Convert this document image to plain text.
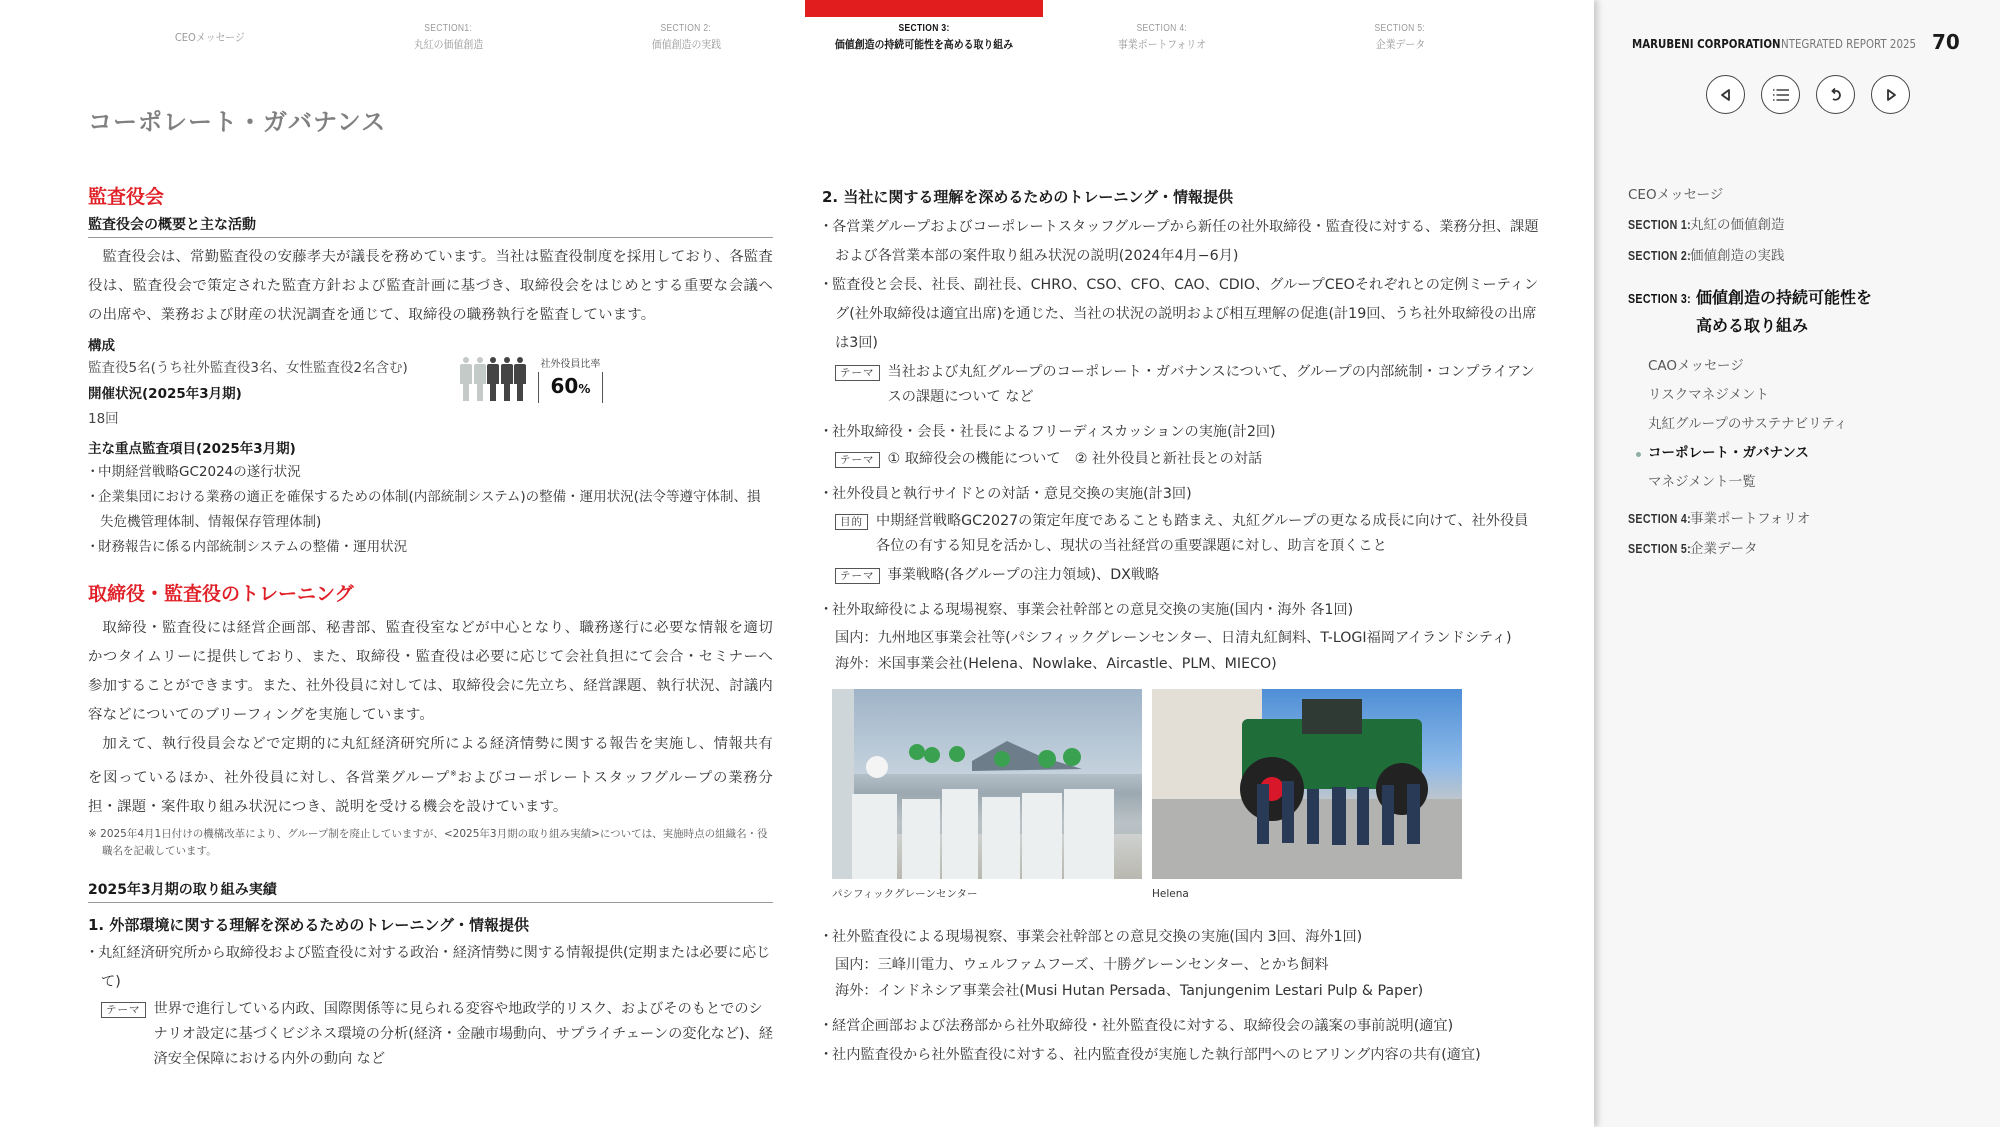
CEOメッセージ
SECTION1:
丸紅の価値創造
SECTION 2:
価値創造の実践
SECTION 3:
価値創造の持続可能性を高める取り組み
SECTION 4:
事業ポートフォリオ
SECTION 5:
企業データ
コーポレート・ガバナンス
監査役会
監査役会の概要と主な活動

監査役会は、常勤監査役の安藤孝夫が議長を務めています。当社は監査役制度を採用しており、各監査役は、監査役会で策定された監査方針および監査計画に基づき、取締役会をはじめとする重要な会議への出席や、業務および財産の状況調査を通じて、取締役の職務執行を監査しています。

構成
監査役5名(うち社外監査役3名、女性監査役2名含む)
開催状況(2025年3月期)
18回
主な重点監査項目(2025年3月期)
・ 中期経営戦略GC2024の遂行状況
・ 企業集団における業務の適正を確保するための体制(内部統制システム)の整備・運用状況(法令等遵守体制、損失危機管理体制、情報保存管理体制)
・ 財務報告に係る内部統制システムの整備・運用状況
取締役・監査役のトレーニング

取締役・監査役には経営企画部、秘書部、監査役室などが中心となり、職務遂行に必要な情報を適切かつタイムリーに提供しており、また、取締役・監査役は必要に応じて会社負担にて会合・セミナーへ参加することができます。また、社外役員に対しては、取締役会に先立ち、経営課題、執行状況、討議内容などについてのブリーフィングを実施しています。

加えて、執行役員会などで定期的に丸紅経済研究所による経済情勢に関する報告を実施し、情報共有を図っているほか、社外役員に対し、各営業グループ※およびコーポレートスタッフグループの業務分担・課題・案件取り組み状況につき、説明を受ける機会を設けています。

※ 2025年4月1日付けの機構改革により、グループ制を廃止していますが、<2025年3月期の取り組み実績>については、実施時点の組織名・役職名を記載しています。

2025年3月期の取り組み実績
1. 外部環境に関する理解を深めるためのトレーニング・情報提供
・ 丸紅経済研究所から取締役および監査役に対する政治・経済情勢に関する情報提供(定期または必要に応じて)
テーマ 世界で進行している内政、国際関係等に見られる変容や地政学的リスク、およびそのもとでのシナリオ設定に基づくビジネス環境の分析(経済・金融市場動向、サプライチェーンの変化など)、経済安全保障における内外の動向 など
社外役員比率
60%
2. 当社に関する理解を深めるためのトレーニング・情報提供
・ 各営業グループおよびコーポレートスタッフグループから新任の社外取締役・監査役に対する、業務分担、課題および各営業本部の案件取り組み状況の説明(2024年4月−6月)
・ 監査役と会長、社長、副社長、CHRO、CSO、CFO、CAO、CDIO、グループCEOそれぞれとの定例ミーティング(社外取締役は適宜出席)を通じた、当社の状況の説明および相互理解の促進(計19回、うち社外取締役の出席は3回)
テーマ 当社および丸紅グループのコーポレート・ガバナンスについて、グループの内部統制・コンプライアンスの課題について など
・ 社外取締役・会長・社長によるフリーディスカッションの実施(計2回)
テーマ ① 取締役会の機能について　② 社外役員と新社長との対話
・ 社外役員と執行サイドとの対話・意見交換の実施(計3回)
目的 中期経営戦略GC2027の策定年度であることも踏まえ、丸紅グループの更なる成長に向けて、社外役員各位の有する知見を活かし、現状の当社経営の重要課題に対し、助言を頂くこと
テーマ 事業戦略(各グループの注力領域)、DX戦略
・ 社外取締役による現場視察、事業会社幹部との意見交換の実施(国内・海外 各1回)
国内：九州地区事業会社等(パシフィックグレーンセンター、日清丸紅飼料、T-LOGI福岡アイランドシティ)
海外：米国事業会社(Helena、Nowlake、Aircastle、PLM、MIECO)
パシフィックグレーンセンター	Helena
・ 社外監査役による現場視察、事業会社幹部との意見交換の実施(国内 3回、海外1回)
国内：三峰川電力、ウェルファムフーズ、十勝グレーンセンター、とかち飼料
海外：インドネシア事業会社(Musi Hutan Persada、Tanjungenim Lestari Pulp & Paper)
・ 経営企画部および法務部から社外取締役・社外監査役に対する、取締役会の議案の事前説明(適宜)
・ 社内監査役から社外監査役に対する、社内監査役が実施した執行部門へのヒアリング内容の共有(適宜)
MARUBENI CORPORATION
INTEGRATED REPORT 2025 70
CEOメッセージ
SECTION 1:
丸紅の価値創造
SECTION 2:
価値創造の実践
SECTION 3: 価値創造の持続可能性を
高める取り組み
CAOメッセージ
リスクマネジメント
丸紅グループのサステナビリティ
コーポレート・ガバナンス
マネジメント一覧
SECTION 4:
事業ポートフォリオ
SECTION 5:
企業データ
